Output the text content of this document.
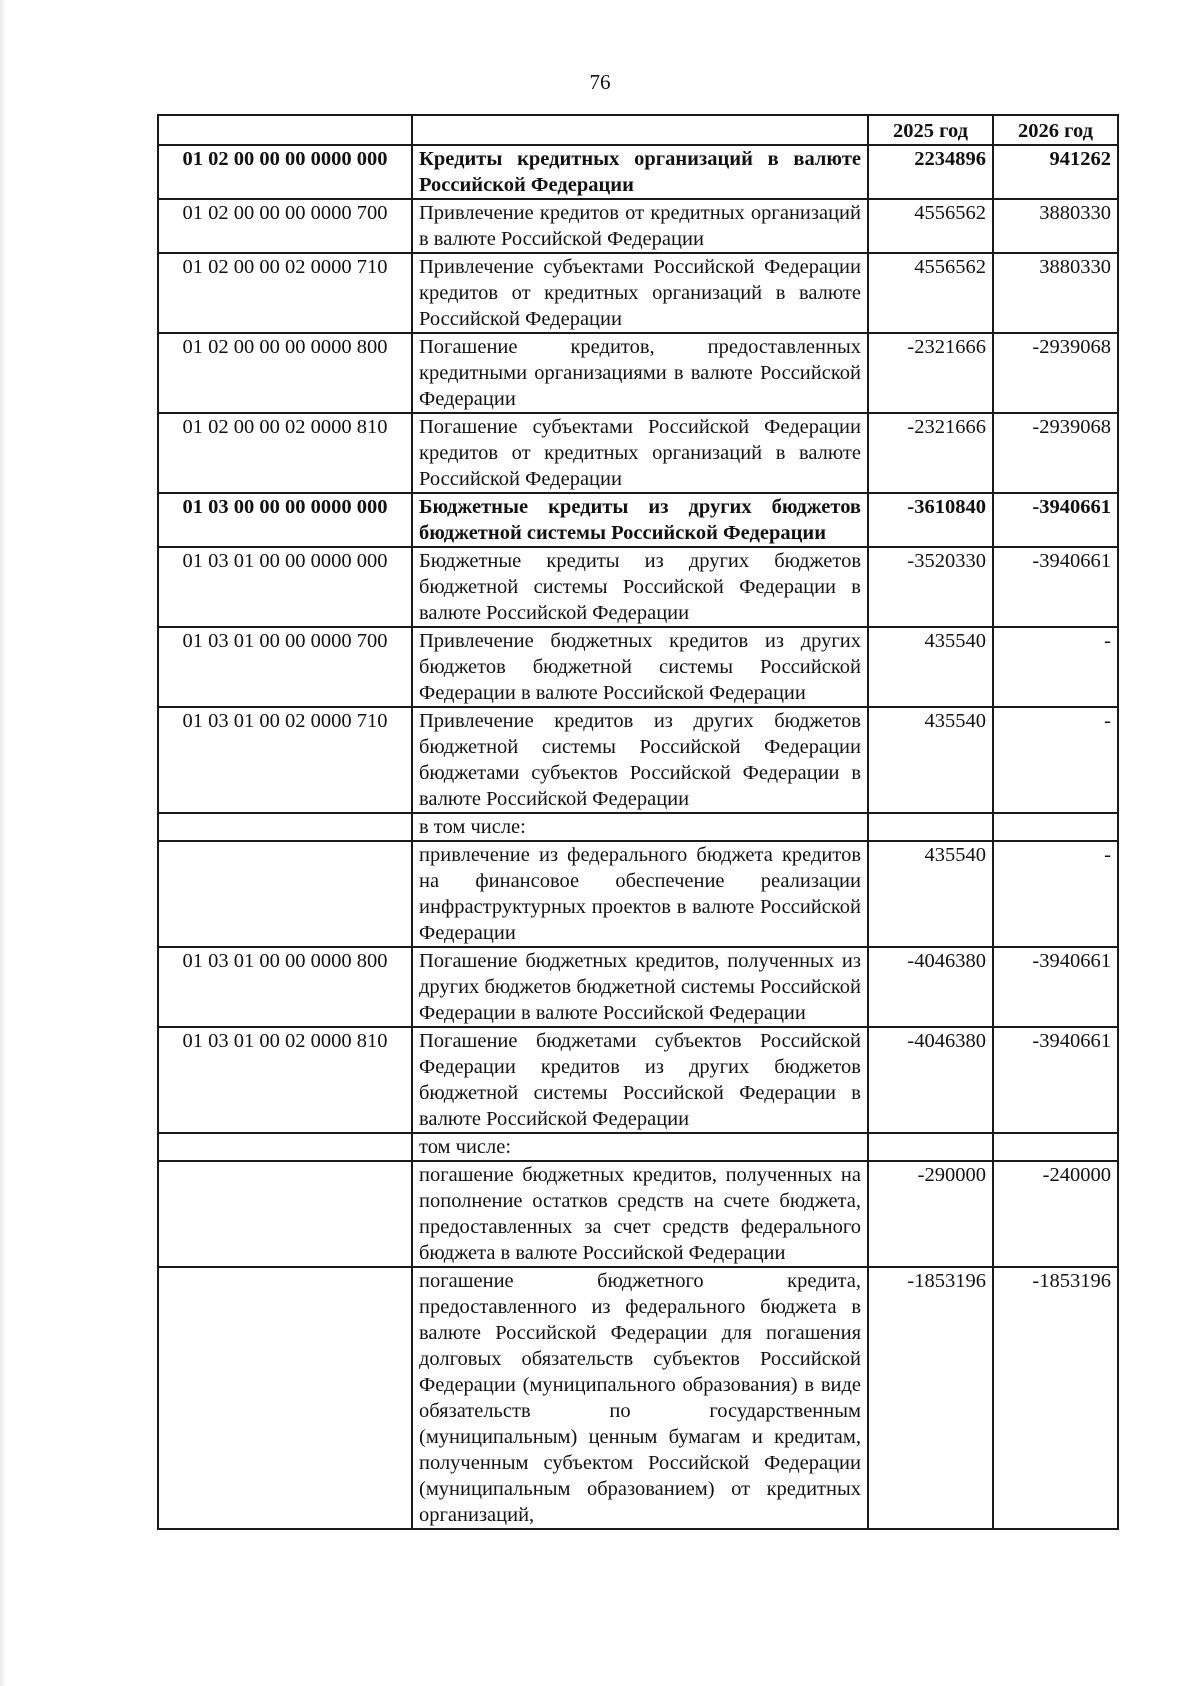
76
		2025 год	2026 год
01 02 00 00 00 0000 000	Кредиты кредитных организаций в валюте Российской Федерации	2234896	941262
01 02 00 00 00 0000 700	Привлечение кредитов от кредитных организаций в валюте Российской Федерации	4556562	3880330
01 02 00 00 02 0000 710	Привлечение субъектами Российской Федерации кредитов от кредитных организаций в валюте Российской Федерации	4556562	3880330
01 02 00 00 00 0000 800	Погашение кредитов, предоставленных кредитными организациями в валюте Российской Федерации	-2321666	-2939068
01 02 00 00 02 0000 810	Погашение субъектами Российской Федерации кредитов от кредитных организаций в валюте Российской Федерации	-2321666	-2939068
01 03 00 00 00 0000 000	Бюджетные кредиты из других бюджетов бюджетной системы Российской Федерации	-3610840	-3940661
01 03 01 00 00 0000 000	Бюджетные кредиты из других бюджетов бюджетной системы Российской Федерации в валюте Российской Федерации	-3520330	-3940661
01 03 01 00 00 0000 700	Привлечение бюджетных кредитов из других бюджетов бюджетной системы Российской Федерации в валюте Российской Федерации	435540	-
01 03 01 00 02 0000 710	Привлечение кредитов из других бюджетов бюджетной системы Российской Федерации бюджетами субъектов Российской Федерации в валюте Российской Федерации	435540	-
	в том числе:		
	привлечение из федерального бюджета кредитов на финансовое обеспечение реализации инфраструктурных проектов в валюте Российской Федерации	435540	-
01 03 01 00 00 0000 800	Погашение бюджетных кредитов, полученных из других бюджетов бюджетной системы Российской Федерации в валюте Российской Федерации	-4046380	-3940661
01 03 01 00 02 0000 810	Погашение бюджетами субъектов Российской Федерации кредитов из других бюджетов бюджетной системы Российской Федерации в валюте Российской Федерации	-4046380	-3940661
	том числе:		
	погашение бюджетных кредитов, полученных на пополнение остатков средств на счете бюджета, предоставленных за счет средств федерального бюджета в валюте Российской Федерации	-290000	-240000
	погашение бюджетного кредита, предоставленного из федерального бюджета в валюте Российской Федерации для погашения долговых обязательств субъектов Российской Федерации (муниципального образования) в виде обязательств по государственным (муниципальным) ценным бумагам и кредитам, полученным субъектом Российской Федерации (муниципальным образованием) от кредитных организаций,	-1853196	-1853196
